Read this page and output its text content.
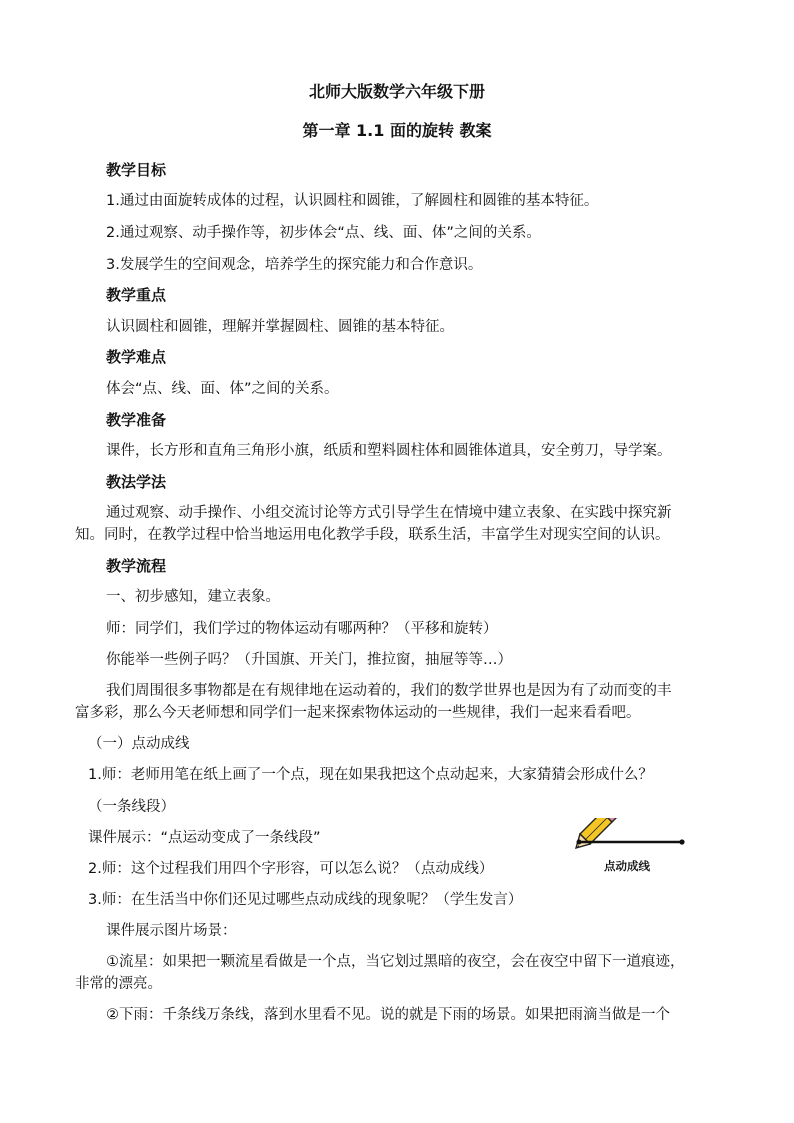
北师大版数学六年级下册
第一章 1.1 面的旋转 教案
教学目标
1.通过由面旋转成体的过程，认识圆柱和圆锥，了解圆柱和圆锥的基本特征。
2.通过观察、动手操作等，初步体会“点、线、面、体”之间的关系。
3.发展学生的空间观念，培养学生的探究能力和合作意识。
教学重点
认识圆柱和圆锥，理解并掌握圆柱、圆锥的基本特征。
教学难点
体会“点、线、面、体”之间的关系。
教学准备
课件，长方形和直角三角形小旗，纸质和塑料圆柱体和圆锥体道具，安全剪刀，导学案。
教法学法
通过观察、动手操作、小组交流讨论等方式引导学生在情境中建立表象、在实践中探究新
知。同时，在教学过程中恰当地运用电化教学手段，联系生活，丰富学生对现实空间的认识。
教学流程
一、初步感知，建立表象。
师：同学们，我们学过的物体运动有哪两种？（平移和旋转）
你能举一些例子吗？（升国旗、开关门，推拉窗，抽屉等等…）
我们周围很多事物都是在有规律地在运动着的，我们的数学世界也是因为有了动而变的丰
富多彩，那么今天老师想和同学们一起来探索物体运动的一些规律，我们一起来看看吧。
（一）点动成线
1.师：老师用笔在纸上画了一个点，现在如果我把这个点动起来，大家猜猜会形成什么？
（一条线段）
课件展示：“点运动变成了一条线段”
2.师：这个过程我们用四个字形容，可以怎么说？（点动成线）
3.师：在生活当中你们还见过哪些点动成线的现象呢？（学生发言）
课件展示图片场景：
①流星：如果把一颗流星看做是一个点，当它划过黑暗的夜空，会在夜空中留下一道痕迹，
非常的漂亮。
②下雨：千条线万条线，落到水里看不见。说的就是下雨的场景。如果把雨滴当做是一个
点动成线
